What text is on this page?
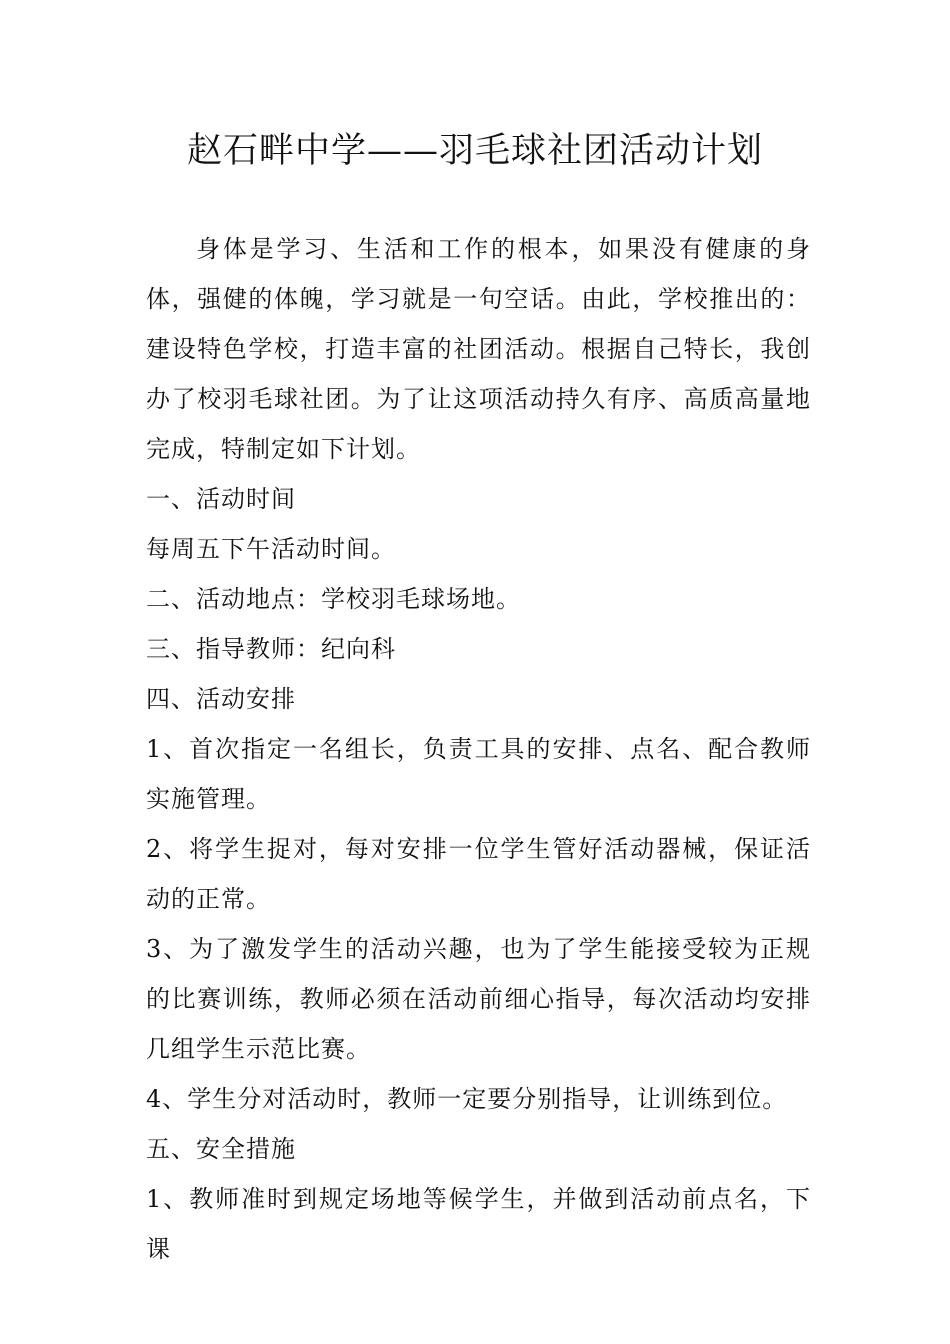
赵石畔中学——羽毛球社团活动计划

身体是学习、生活和工作的根本，如果没有健康的身体，强健的体魄，学习就是一句空话。由此，学校推出的：建设特色学校，打造丰富的社团活动。根据自己特长，我创办了校羽毛球社团。为了让这项活动持久有序、高质高量地完成，特制定如下计划。

一、活动时间

每周五下午活动时间。

二、活动地点：学校羽毛球场地。

三、指导教师：纪向科

四、活动安排

1、首次指定一名组长，负责工具的安排、点名、配合教师实施管理。

2、将学生捉对，每对安排一位学生管好活动器械，保证活动的正常。

3、为了激发学生的活动兴趣，也为了学生能接受较为正规的比赛训练，教师必须在活动前细心指导，每次活动均安排几组学生示范比赛。

4、学生分对活动时，教师一定要分别指导，让训练到位。

五、安全措施

1、教师准时到规定场地等候学生，并做到活动前点名，下课
